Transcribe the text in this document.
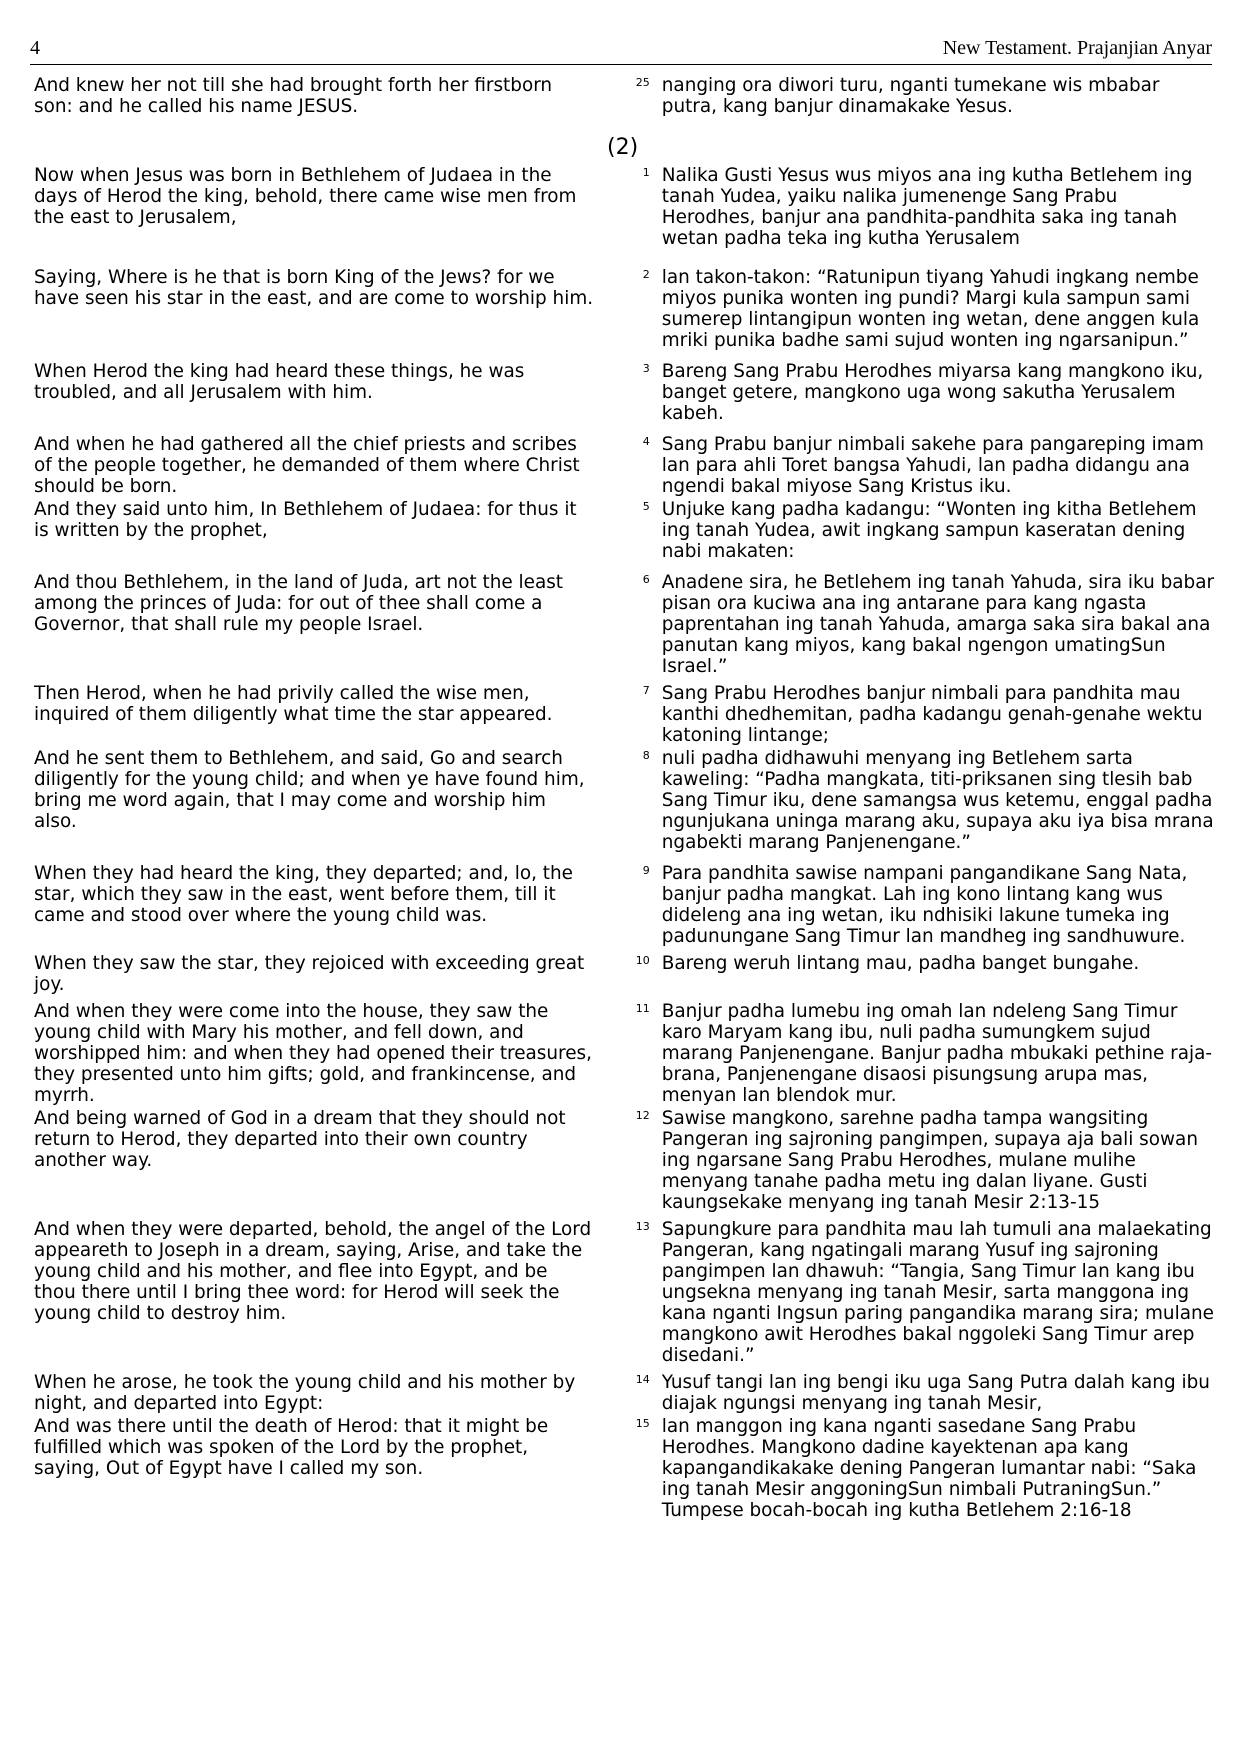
4	New Testament. Prajanjian Anyar

And knew her not till she had brought forth her firstborn son: and he called his name JESUS.

25 nanging ora diwori turu, nganti tumekane wis mbabar putra, kang banjur dinamakake Yesus.

(2)

Now when Jesus was born in Bethlehem of Judaea in the days of Herod the king, behold, there came wise men from the east to Jerusalem,

1 Nalika Gusti Yesus wus miyos ana ing kutha Betlehem ing tanah Yudea, yaiku nalika jumenenge Sang Prabu Herodhes, banjur ana pandhita-pandhita saka ing tanah wetan padha teka ing kutha Yerusalem

Saying, Where is he that is born King of the Jews? for we have seen his star in the east, and are come to worship him.

2 lan takon-takon: “Ratunipun tiyang Yahudi ingkang nembe miyos punika wonten ing pundi? Margi kula sampun sami sumerep lintangipun wonten ing wetan, dene anggen kula mriki punika badhe sami sujud wonten ing ngarsanipun.”

When Herod the king had heard these things, he was troubled, and all Jerusalem with him.

3 Bareng Sang Prabu Herodhes miyarsa kang mangkono iku, banget getere, mangkono uga wong sakutha Yerusalem kabeh.

And when he had gathered all the chief priests and scribes of the people together, he demanded of them where Christ should be born.

4 Sang Prabu banjur nimbali sakehe para pangareping imam lan para ahli Toret bangsa Yahudi, lan padha didangu ana ngendi bakal miyose Sang Kristus iku.

And they said unto him, In Bethlehem of Judaea: for thus it is written by the prophet,

5 Unjuke kang padha kadangu: “Wonten ing kitha Betlehem ing tanah Yudea, awit ingkang sampun kaseratan dening nabi makaten:

And thou Bethlehem, in the land of Juda, art not the least among the princes of Juda: for out of thee shall come a Governor, that shall rule my people Israel.

6 Anadene sira, he Betlehem ing tanah Yahuda, sira iku babar pisan ora kuciwa ana ing antarane para kang ngasta paprentahan ing tanah Yahuda, amarga saka sira bakal ana panutan kang miyos, kang bakal ngengon umatingSun Israel.”

Then Herod, when he had privily called the wise men, inquired of them diligently what time the star appeared.

7 Sang Prabu Herodhes banjur nimbali para pandhita mau kanthi dhedhemitan, padha kadangu genah-genahe wektu katoning lintange;

And he sent them to Bethlehem, and said, Go and search diligently for the young child; and when ye have found him, bring me word again, that I may come and worship him also.

8 nuli padha didhawuhi menyang ing Betlehem sarta kaweling: “Padha mangkata, titi-priksanen sing tlesih bab Sang Timur iku, dene samangsa wus ketemu, enggal padha ngunjukana uninga marang aku, supaya aku iya bisa mrana ngabekti marang Panjenengane.”

When they had heard the king, they departed; and, lo, the star, which they saw in the east, went before them, till it came and stood over where the young child was.

9 Para pandhita sawise nampani pangandikane Sang Nata, banjur padha mangkat. Lah ing kono lintang kang wus dideleng ana ing wetan, iku ndhisiki lakune tumeka ing padunungane Sang Timur lan mandheg ing sandhuwure.

When they saw the star, they rejoiced with exceeding great joy.

10 Bareng weruh lintang mau, padha banget bungahe.

And when they were come into the house, they saw the young child with Mary his mother, and fell down, and worshipped him: and when they had opened their treasures, they presented unto him gifts; gold, and frankincense, and myrrh.

11 Banjur padha lumebu ing omah lan ndeleng Sang Timur karo Maryam kang ibu, nuli padha sumungkem sujud marang Panjenengane. Banjur padha mbukaki pethine raja-brana, Panjenengane disaosi pisungsung arupa mas, menyan lan blendok mur.

And being warned of God in a dream that they should not return to Herod, they departed into their own country another way.

12 Sawise mangkono, sarehne padha tampa wangsiting Pangeran ing sajroning pangimpen, supaya aja bali sowan ing ngarsane Sang Prabu Herodhes, mulane mulihe menyang tanahe padha metu ing dalan liyane. Gusti kaungsekake menyang ing tanah Mesir 2:13-15

And when they were departed, behold, the angel of the Lord appeareth to Joseph in a dream, saying, Arise, and take the young child and his mother, and flee into Egypt, and be thou there until I bring thee word: for Herod will seek the young child to destroy him.

13 Sapungkure para pandhita mau lah tumuli ana malaekating Pangeran, kang ngatingali marang Yusuf ing sajroning pangimpen lan dhawuh: “Tangia, Sang Timur lan kang ibu ungsekna menyang ing tanah Mesir, sarta manggona ing kana nganti Ingsun paring pangandika marang sira; mulane mangkono awit Herodhes bakal nggoleki Sang Timur arep disedani.”

When he arose, he took the young child and his mother by night, and departed into Egypt:

14 Yusuf tangi lan ing bengi iku uga Sang Putra dalah kang ibu diajak ngungsi menyang ing tanah Mesir,

And was there until the death of Herod: that it might be fulfilled which was spoken of the Lord by the prophet, saying, Out of Egypt have I called my son.

15 lan manggon ing kana nganti sasedane Sang Prabu Herodhes. Mangkono dadine kayektenan apa kang kapangandikakake dening Pangeran lumantar nabi: “Saka ing tanah Mesir anggoningSun nimbali PutraningSun.” Tumpese bocah-bocah ing kutha Betlehem 2:16-18
